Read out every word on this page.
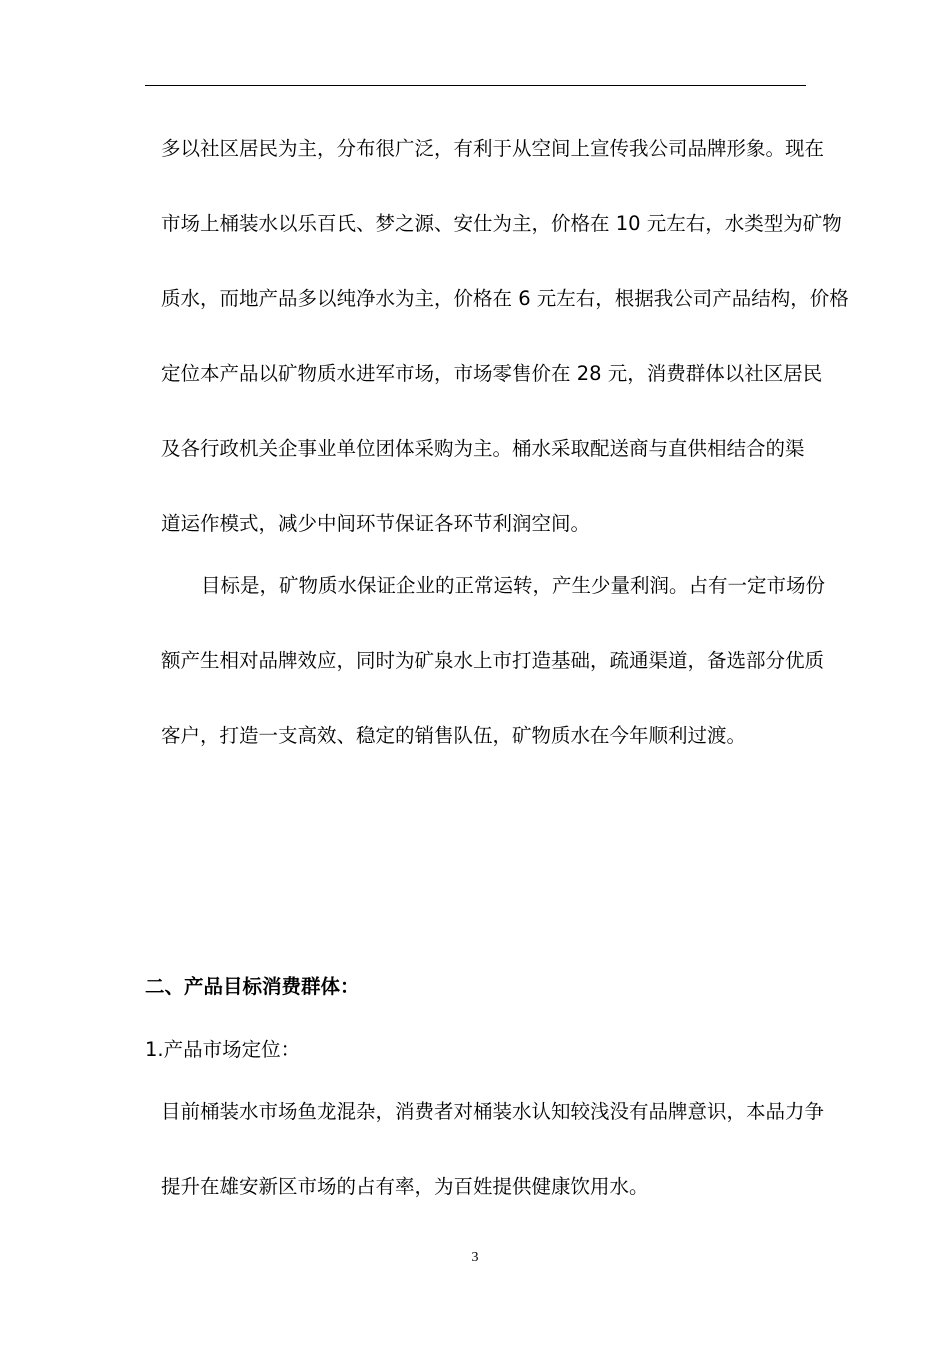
多以社区居民为主，分布很广泛，有利于从空间上宣传我公司品牌形象。现在
市场上桶装水以乐百氏、梦之源、安仕为主，价格在 10 元左右，水类型为矿物
质水，而地产品多以纯净水为主，价格在 6 元左右，根据我公司产品结构，价格
定位本产品以矿物质水进军市场，市场零售价在 28 元，消费群体以社区居民
及各行政机关企事业单位团体采购为主。桶水采取配送商与直供相结合的渠
道运作模式，减少中间环节保证各环节利润空间。
目标是，矿物质水保证企业的正常运转，产生少量利润。占有一定市场份
额产生相对品牌效应，同时为矿泉水上市打造基础，疏通渠道，备选部分优质
客户，打造一支高效、稳定的销售队伍，矿物质水在今年顺利过渡。
二、产品目标消费群体：
1.产品市场定位：
目前桶装水市场鱼龙混杂，消费者对桶装水认知较浅没有品牌意识，本品力争
提升在雄安新区市场的占有率，为百姓提供健康饮用水。
3
